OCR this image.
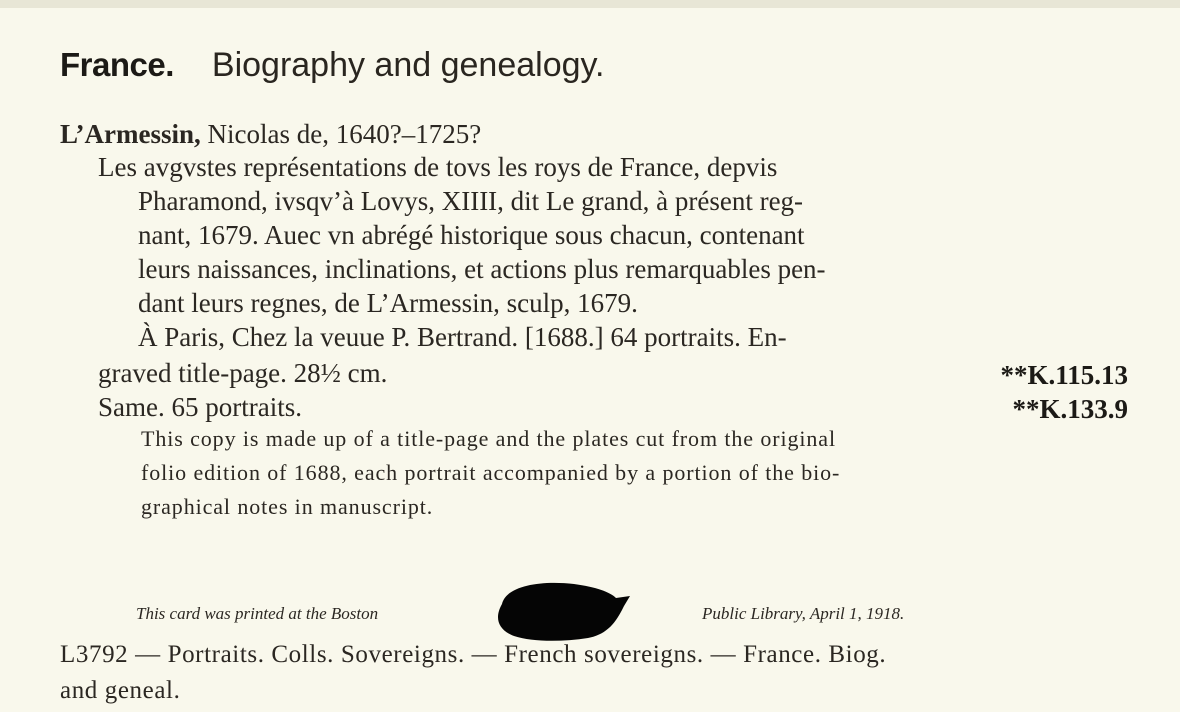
France. Biography and genealogy.
L’Armessin, Nicolas de, 1640?–1725?
Les avgvstes représentations de tovs les roys de France, depvis
Pharamond, ivsqv’à Lovys, XIIII, dit Le grand, à présent reg-
nant, 1679. Auec vn abrégé historique sous chacun, contenant
leurs naissances, inclinations, et actions plus remarquables pen-
dant leurs regnes, de L’Armessin, sculp, 1679.
À Paris, Chez la veuue P. Bertrand. [1688.] 64 portraits. En-
graved title-page. 28½ cm.	**K.115.13
Same. 65 portraits.	**K.133.9
This copy is made up of a title-page and the plates cut from the original
folio edition of 1688, each portrait accompanied by a portion of the bio-
graphical notes in manuscript.
This card was printed at the Boston	Public Library, April 1, 1918.
L3792 — Portraits. Colls. Sovereigns. — French sovereigns. — France. Biog.
and geneal.
